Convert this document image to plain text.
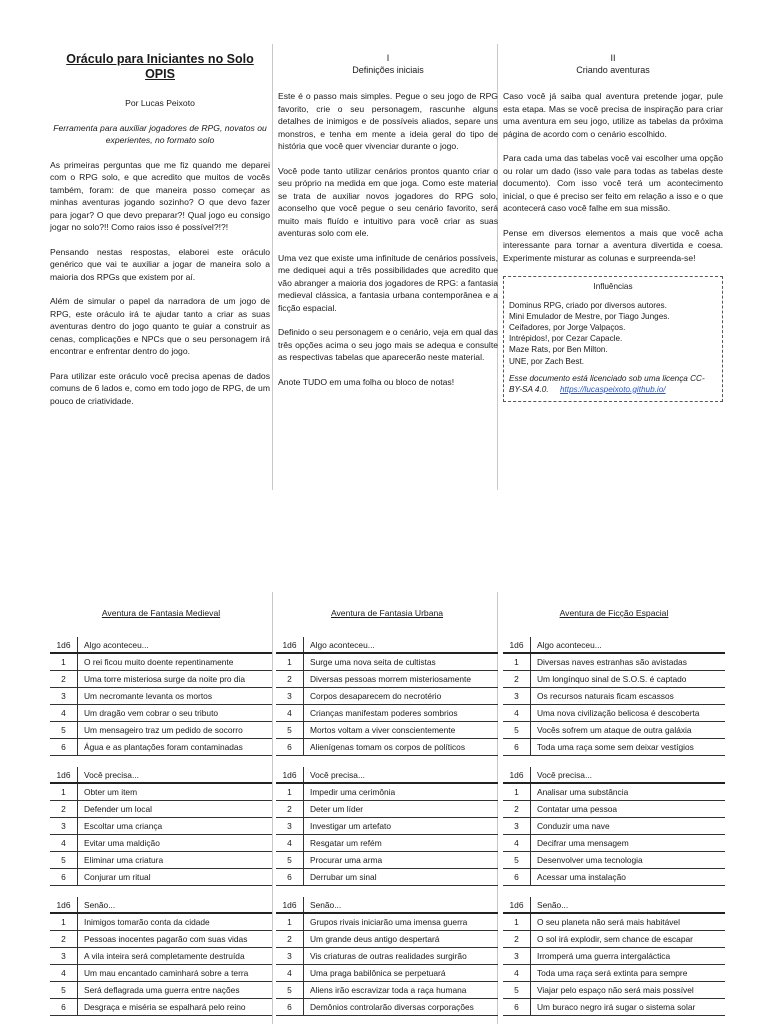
Oráculo para Iniciantes no Solo OPIS
Por Lucas Peixoto
Ferramenta para auxiliar jogadores de RPG, novatos ou experientes, no formato solo

As primeiras perguntas que me fiz quando me deparei com o RPG solo, e que acredito que muitos de vocês também, foram: de que maneira posso começar as minhas aventuras jogando sozinho? O que devo fazer para jogar? O que devo preparar?! Qual jogo eu consigo jogar no solo?!! Como raios isso é possível?!?!

Pensando nestas respostas, elaborei este oráculo genérico que vai te auxiliar a jogar de maneira solo a maioria dos RPGs que existem por aí.

Além de simular o papel da narradora de um jogo de RPG, este oráculo irá te ajudar tanto a criar as suas aventuras dentro do jogo quanto te guiar a construir as cenas, complicações e NPCs que o seu personagem irá encontrar e enfrentar dentro do jogo.

Para utilizar este oráculo você precisa apenas de dados comuns de 6 lados e, como em todo jogo de RPG, de um pouco de criatividade.

I
Definições iniciais

Este é o passo mais simples. Pegue o seu jogo de RPG favorito, crie o seu personagem, rascunhe alguns detalhes de inimigos e de possíveis aliados, separe uns monstros, e tenha em mente a ideia geral do tipo de história que você quer vivenciar durante o jogo.

Você pode tanto utilizar cenários prontos quanto criar o seu próprio na medida em que joga. Como este material se trata de auxiliar novos jogadores do RPG solo, aconselho que você pegue o seu cenário favorito, será muito mais fluído e intuitivo para você criar as suas aventuras solo com ele.

Uma vez que existe uma infinitude de cenários possíveis, me dediquei aqui a três possibilidades que acredito que vão abranger a maioria dos jogadores de RPG: a fantasia medieval clássica, a fantasia urbana contemporânea e a ficção espacial.

Definido o seu personagem e o cenário, veja em qual das três opções acima o seu jogo mais se adequa e consulte as respectivas tabelas que aparecerão neste material.

Anote TUDO em uma folha ou bloco de notas!

II
Criando aventuras

Caso você já saiba qual aventura pretende jogar, pule esta etapa. Mas se você precisa de inspiração para criar uma aventura em seu jogo, utilize as tabelas da próxima página de acordo com o cenário escolhido.

Para cada uma das tabelas você vai escolher uma opção ou rolar um dado (isso vale para todas as tabelas deste documento). Com isso você terá um acontecimento inicial, o que é preciso ser feito em relação a isso e o que acontecerá caso você falhe em sua missão.

Pense em diversos elementos a mais que você acha interessante para tornar a aventura divertida e coesa. Experimente misturar as colunas e surpreenda-se!

Influências
Dominus RPG, criado por diversos autores.
Mini Emulador de Mestre, por Tiago Junges.
Ceifadores, por Jorge Valpaços.
Intrépidos!, por Cezar Capacle.
Maze Rats, por Ben Milton.
UNE, por Zach Best.
Esse documento está licenciado sob uma licença CC-BY-SA 4.0. https://lucaspeixoto.github.io/
Aventura de Fantasia Medieval
1d6	Algo aconteceu...
1	O rei ficou muito doente repentinamente
2	Uma torre misteriosa surge da noite pro dia
3	Um necromante levanta os mortos
4	Um dragão vem cobrar o seu tributo
5	Um mensageiro traz um pedido de socorro
6	Água e as plantações foram contaminadas
1d6	Você precisa...
1	Obter um item
2	Defender um local
3	Escoltar uma criança
4	Evitar uma maldição
5	Eliminar uma criatura
6	Conjurar um ritual
1d6	Senão...
1	Inimigos tomarão conta da cidade
2	Pessoas inocentes pagarão com suas vidas
3	A vila inteira será completamente destruída
4	Um mau encantado caminhará sobre a terra
5	Será deflagrada uma guerra entre nações
6	Desgraça e miséria se espalhará pelo reino
Aventura de Fantasia Urbana
1d6	Algo aconteceu...
1	Surge uma nova seita de cultistas
2	Diversas pessoas morrem misteriosamente
3	Corpos desaparecem do necrotério
4	Crianças manifestam poderes sombrios
5	Mortos voltam a viver conscientemente
6	Alienígenas tomam os corpos de políticos
1d6	Você precisa...
1	Impedir uma cerimônia
2	Deter um líder
3	Investigar um artefato
4	Resgatar um refém
5	Procurar uma arma
6	Derrubar um sinal
1d6	Senão...
1	Grupos rivais iniciarão uma imensa guerra
2	Um grande deus antigo despertará
3	Vis criaturas de outras realidades surgirão
4	Uma praga babilônica se perpetuará
5	Aliens irão escravizar toda a raça humana
6	Demônios controlarão diversas corporações
Aventura de Ficção Espacial
1d6	Algo aconteceu...
1	Diversas naves estranhas são avistadas
2	Um longínquo sinal de S.O.S. é captado
3	Os recursos naturais ficam escassos
4	Uma nova civilização belicosa é descoberta
5	Vocês sofrem um ataque de outra galáxia
6	Toda uma raça some sem deixar vestígios
1d6	Você precisa...
1	Analisar uma substância
2	Contatar uma pessoa
3	Conduzir uma nave
4	Decifrar uma mensagem
5	Desenvolver uma tecnologia
6	Acessar uma instalação
1d6	Senão...
1	O seu planeta não será mais habitável
2	O sol irá explodir, sem chance de escapar
3	Irromperá uma guerra intergaláctica
4	Toda uma raça será extinta para sempre
5	Viajar pelo espaço não será mais possível
6	Um buraco negro irá sugar o sistema solar
